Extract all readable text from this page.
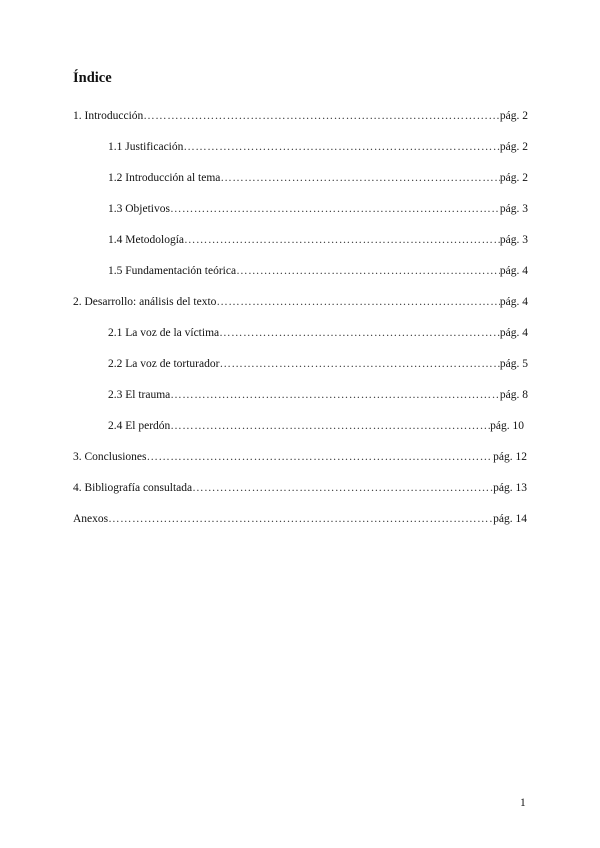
Índice
1. Introducción ……………………………………………………………………………………………………………………………………………………………………………………	pág. 2
1.1 Justificación ……………………………………………………………………………………………………………………………………………………………………………………	pág. 2
1.2 Introducción al tema ……………………………………………………………………………………………………………………………………………………………………………………	pág. 2
1.3 Objetivos ……………………………………………………………………………………………………………………………………………………………………………………	pág. 3
1.4 Metodología ……………………………………………………………………………………………………………………………………………………………………………………	pág. 3
1.5 Fundamentación teórica ……………………………………………………………………………………………………………………………………………………………………………………	pág. 4
2. Desarrollo: análisis del texto ……………………………………………………………………………………………………………………………………………………………………………………	pág. 4
2.1 La voz de la víctima ……………………………………………………………………………………………………………………………………………………………………………………	pág. 4
2.2 La voz de torturador ……………………………………………………………………………………………………………………………………………………………………………………	pág. 5
2.3 El trauma ……………………………………………………………………………………………………………………………………………………………………………………	pág. 8
2.4 El perdón ……………………………………………………………………………………………………………………………………………………………………………………	pág. 10
3. Conclusiones ……………………………………………………………………………………………………………………………………………………………………………………	pág. 12
4. Bibliografía consultada ……………………………………………………………………………………………………………………………………………………………………………………	pág. 13
Anexos ……………………………………………………………………………………………………………………………………………………………………………………	pág. 14
1
